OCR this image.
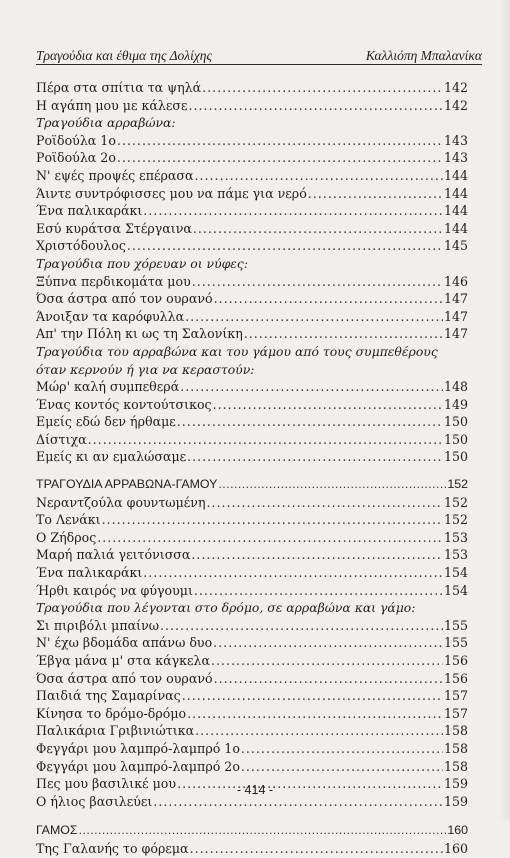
Τραγούδια και έθιμα της Δολίχης	Καλλιόπη Μπαλανίκα
Πέρα στα σπίτια τα ψηλά . . .	142
Η αγάπη μου με κάλεσε . . .	142
Τραγούδια αρραβώνα:
Ροϊδούλα 1ο . . .	143
Ροϊδούλα 2ο . . .	143
Ν' εψές προψές επέρασα . . .	144
Άιντε συντρόφισσες μου να πάμε για νερό . . .	144
Ένα παλικαράκι . . .	144
Εσύ κυράτσα Στέργαινα . . .	144
Χριστόδουλος . . .	145
Τραγούδια που χόρευαν οι νύφες:
Ξύπνα περδικομάτα μου . . .	146
Όσα άστρα από τον ουρανό . . .	147
Άνοιξαν τα καρόφυλλα . . .	147
Απ' την Πόλη κι ως τη Σαλονίκη . . .	147
Τραγούδια του αρραβώνα και του γάμου από τους συμπεθέρους όταν κερνούν ή για να κεραστούν:
Μώρ' καλή συμπεθερά . . .	148
Ένας κοντός κοντούτσικος . . .	149
Εμείς εδώ δεν ήρθαμε . . .	150
Δίστιχα . . .	150
Εμείς κι αν εμαλώσαμε . . .	150
ΤΡΑΓΟΥΔΙΑ ΑΡΡΑΒΩΝΑ-ΓΑΜΟΥ . . .	152
Νεραντζούλα φουντωμένη . . .	152
Το Λενάκι . . .	152
Ο Ζήδρος . . .	153
Μαρή παλιά γειτόνισσα . . .	153
Ένα παλικαράκι . . .	154
Ήρθι καιρός να φύγουμι . . .	154
Τραγούδια που λέγονται στο δρόμο, σε αρραβώνα και γάμο:
Σι πιριβόλι μπαίνω . . .	155
Ν' έχω βδομάδα απάνω δυο . . .	155
Έβγα μάνα μ' στα κάγκελα . . .	156
Όσα άστρα από τον ουρανό . . .	156
Παιδιά της Σαμαρίνας . . .	157
Κίνησα το δρόμο-δρόμο . . .	157
Παλικάρια Γριβινιώτικα . . .	158
Φεγγάρι μου λαμπρό-λαμπρό 1ο . . .	158
Φεγγάρι μου λαμπρό-λαμπρό 2ο . . .	158
Πες μου βασιλικέ μου . . .	159
Ο ήλιος βασιλεύει . . .	159
ΓΑΜΟΣ . . .	160
Της Γαλανής το φόρεμα . . .	160
- 414 -
